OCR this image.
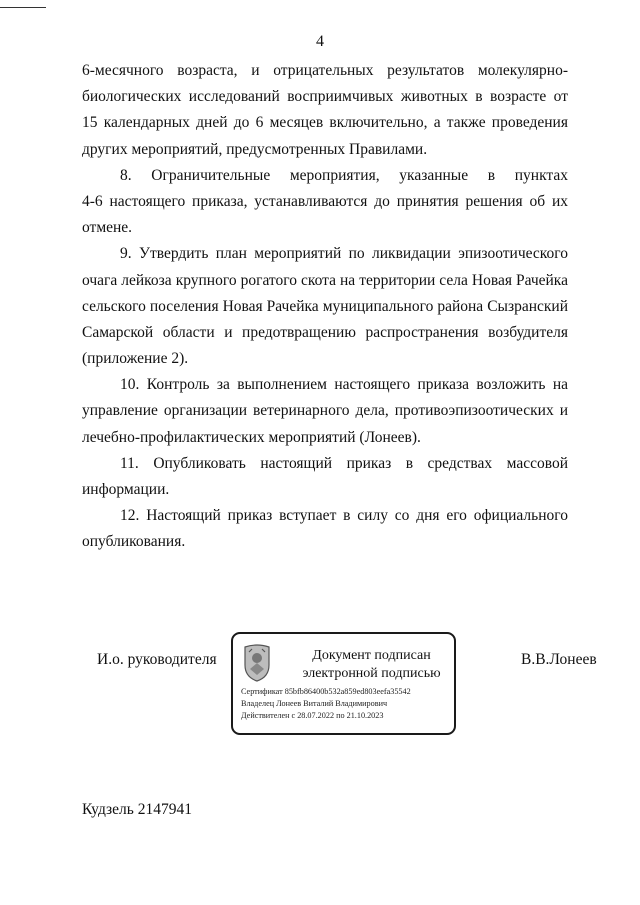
4
6-месячного возраста, и отрицательных результатов молекулярно-
биологических исследований восприимчивых животных в возрасте от
15 календарных дней до 6 месяцев включительно, а также проведения
других мероприятий, предусмотренных Правилами.
8. Ограничительные мероприятия, указанные в пунктах
4-6 настоящего приказа, устанавливаются до принятия решения об их
отмене.
9. Утвердить план мероприятий по ликвидации эпизоотического
очага лейкоза крупного рогатого скота на территории села Новая Рачейка
сельского поселения Новая Рачейка муниципального района Сызранский
Самарской области и предотвращению распространения возбудителя
(приложение 2).
10. Контроль за выполнением настоящего приказа возложить на
управление организации ветеринарного дела, противоэпизоотических и
лечебно-профилактических мероприятий (Лонеев).
11. Опубликовать настоящий приказ в средствах массовой
информации.
12. Настоящий приказ вступает в силу со дня его официального
опубликования.
И.о. руководителя	Документ подписан
электронной подписью
Сертификат 85bfb86400b532a859ed803eefa35542
Владелец Лонеев Виталий Владимирович
Действителен с 28.07.2022 по 21.10.2023
В.В.Лонеев
Кудзель 2147941
